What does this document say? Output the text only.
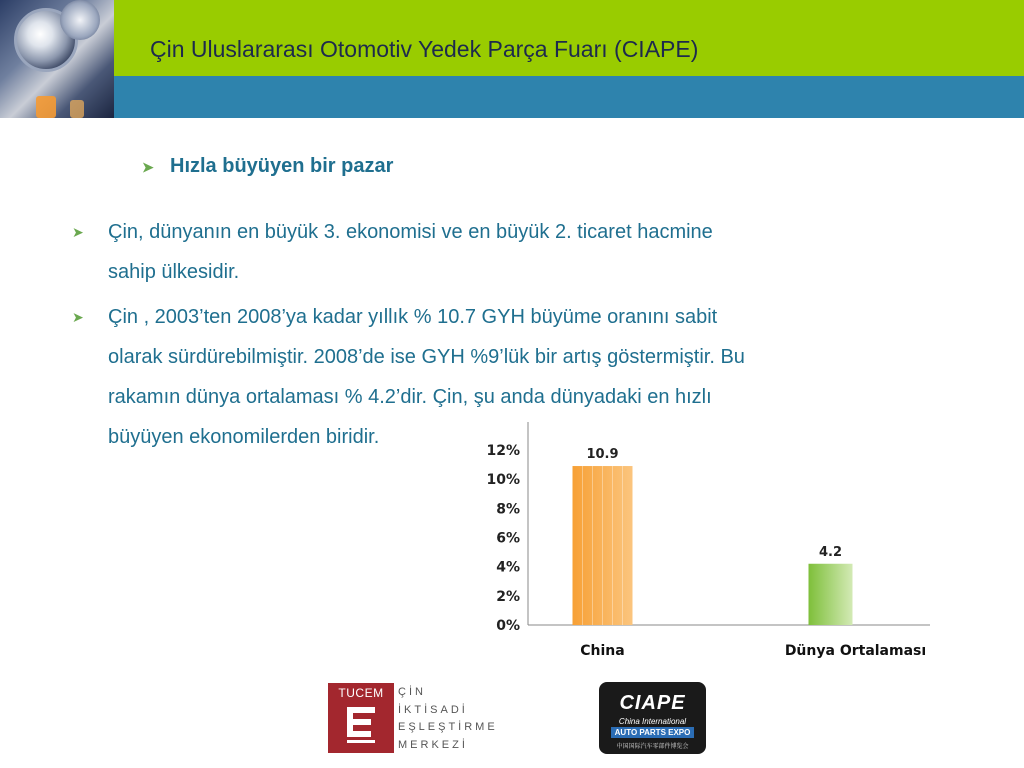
Çin Uluslararası Otomotiv Yedek Parça Fuarı (CIAPE)
➤ Hızla büyüyen bir pazar
➤ Çin, dünyanın en büyük 3. ekonomisi ve en büyük 2. ticaret hacmine
sahip ülkesidir.
➤ Çin , 2003’ten 2008’ya kadar yıllık % 10.7 GYH büyüme oranını sabit
olarak sürdürebilmiştir. 2008’de ise GYH %9’lük bir artış göstermiştir. Bu
rakamın dünya ortalaması % 4.2’dir. Çin, şu anda dünyadaki en hızlı
büyüyen ekonomilerden biridir.
0%
2%
4%
6%
8%
10%
12%	10.9
China
4.2
Dünya Ortalaması
TUCEM	ÇİN
İKTİSADİ
EŞLEŞTİRME
MERKEZİ
CIAPE
China International
AUTO PARTS EXPO
中国国际汽车零部件博览会
